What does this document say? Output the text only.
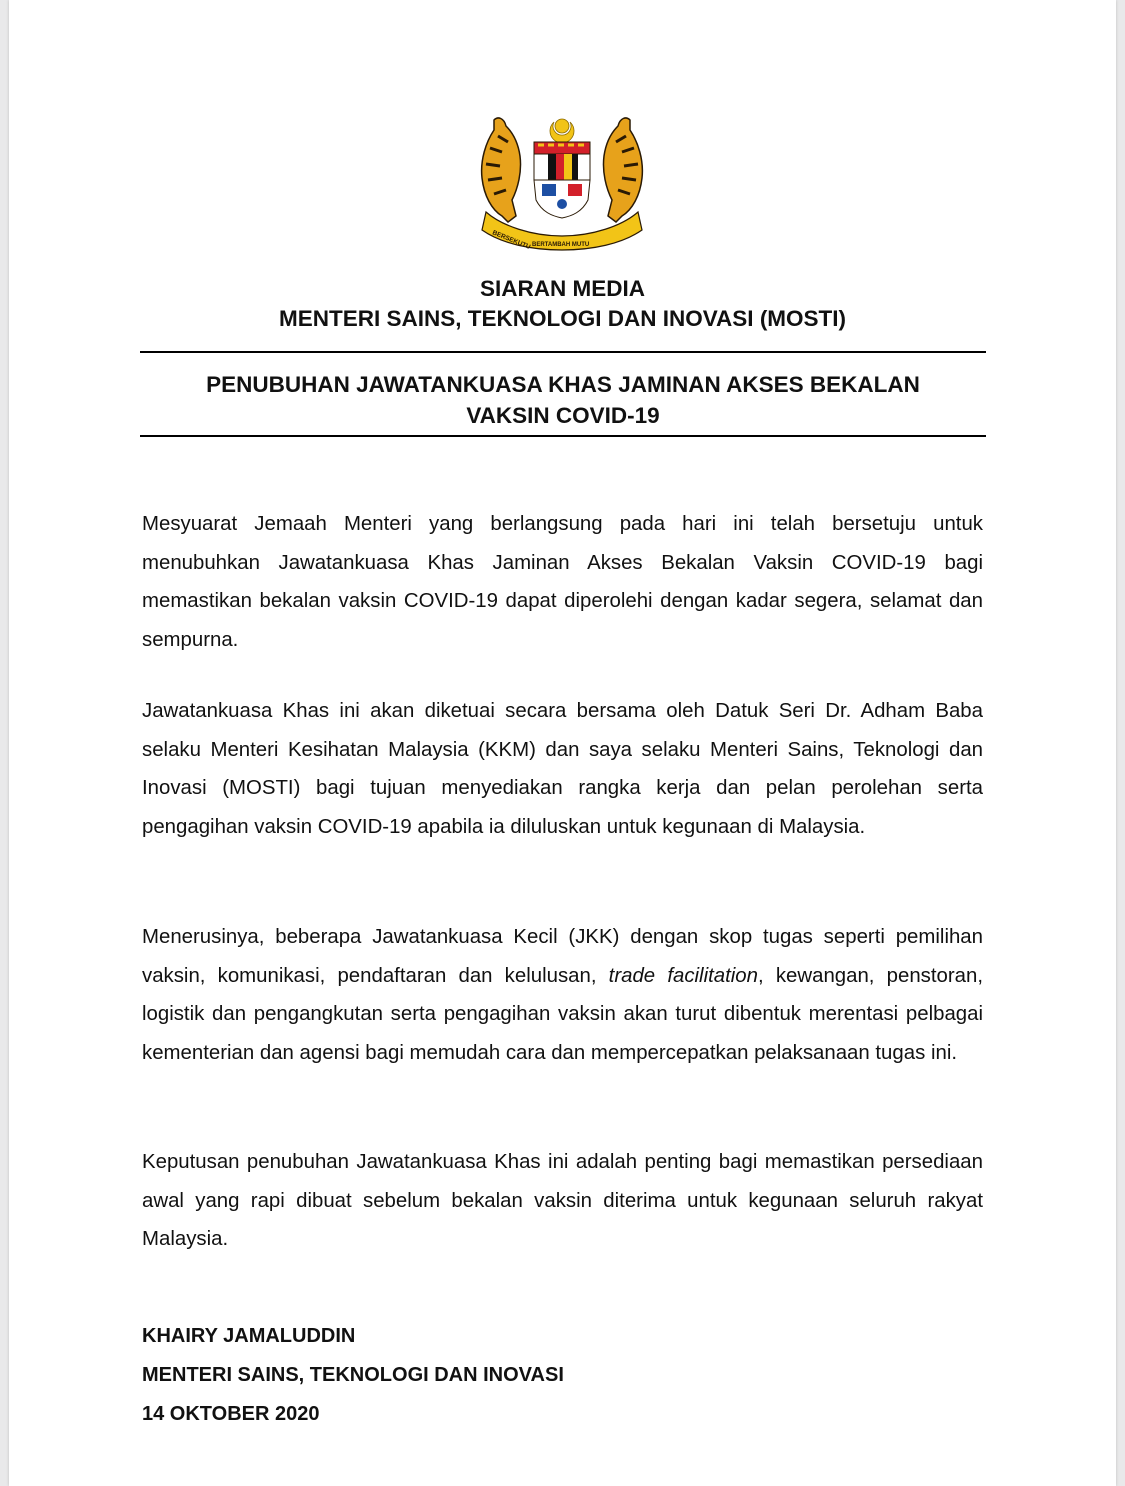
BERSEKUTU BERTAMBAH MUTU
SIARAN MEDIA
MENTERI SAINS, TEKNOLOGI DAN INOVASI (MOSTI)
PENUBUHAN JAWATANKUASA KHAS JAMINAN AKSES BEKALAN
VAKSIN COVID-19

Mesyuarat Jemaah Menteri yang berlangsung pada hari ini telah bersetuju untuk menubuhkan Jawatankuasa Khas Jaminan Akses Bekalan Vaksin COVID-19 bagi memastikan bekalan vaksin COVID-19 dapat diperolehi dengan kadar segera, selamat dan sempurna.

Jawatankuasa Khas ini akan diketuai secara bersama oleh Datuk Seri Dr. Adham Baba selaku Menteri Kesihatan Malaysia (KKM) dan saya selaku Menteri Sains, Teknologi dan Inovasi (MOSTI) bagi tujuan menyediakan rangka kerja dan pelan perolehan serta pengagihan vaksin COVID-19 apabila ia diluluskan untuk kegunaan di Malaysia.

Menerusinya, beberapa Jawatankuasa Kecil (JKK) dengan skop tugas seperti pemilihan vaksin, komunikasi, pendaftaran dan kelulusan, trade facilitation, kewangan, penstoran, logistik dan pengangkutan serta pengagihan vaksin akan turut dibentuk merentasi pelbagai kementerian dan agensi bagi memudah cara dan mempercepatkan pelaksanaan tugas ini.

Keputusan penubuhan Jawatankuasa Khas ini adalah penting bagi memastikan persediaan awal yang rapi dibuat sebelum bekalan vaksin diterima untuk kegunaan seluruh rakyat Malaysia.

KHAIRY JAMALUDDIN
MENTERI SAINS, TEKNOLOGI DAN INOVASI
14 OKTOBER 2020
